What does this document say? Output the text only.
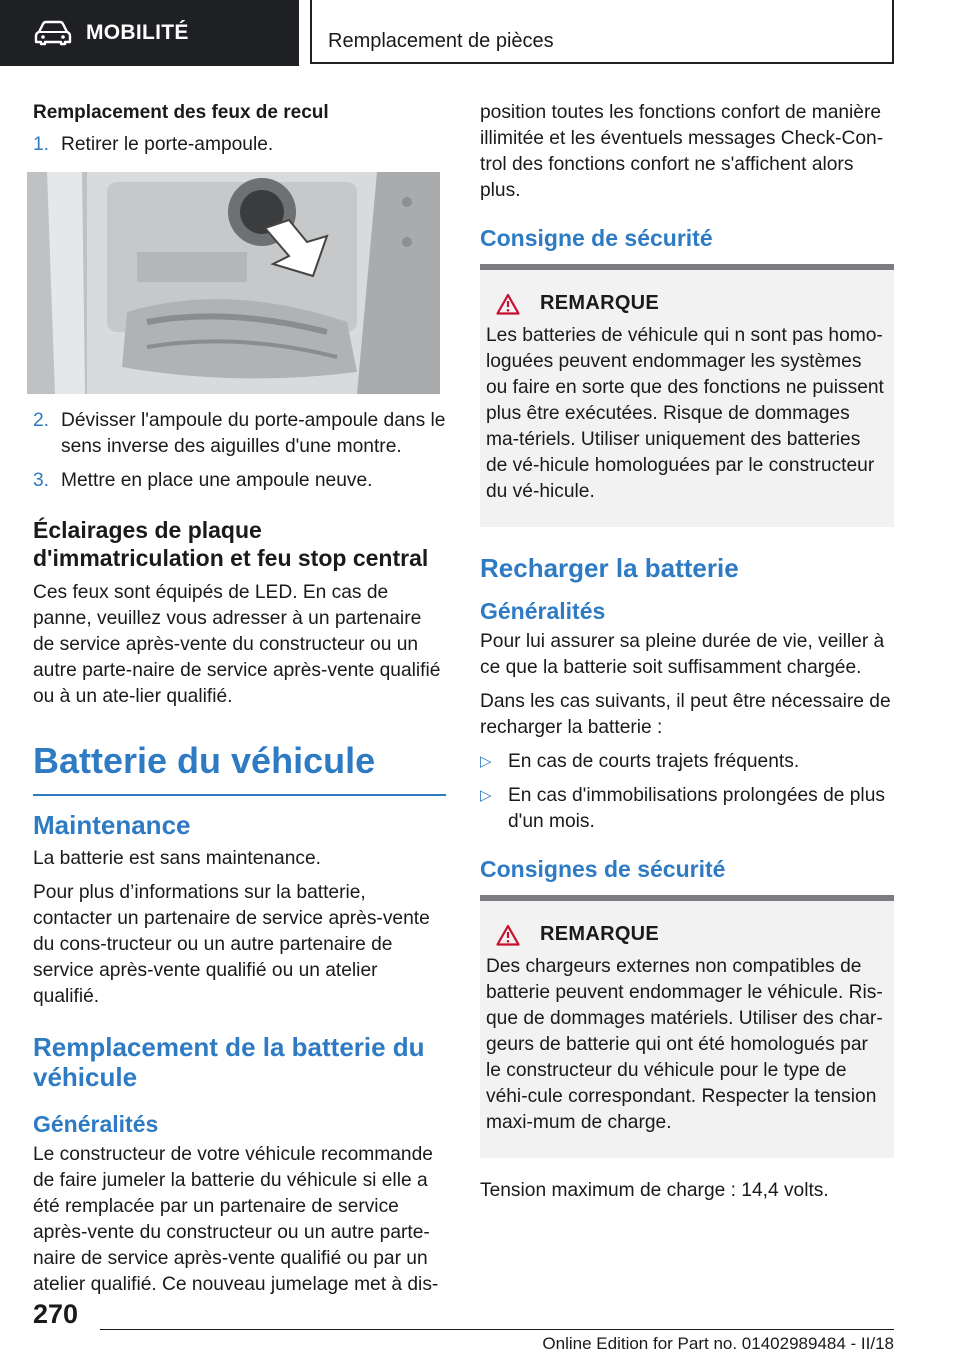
MOBILITÉ	Remplacement de pièces
Remplacement des feux de recul
1. Retirer le porte-ampoule.
2. Dévisser l'ampoule du porte-ampoule dans le sens inverse des aiguilles d'une montre.
3. Mettre en place une ampoule neuve.
Éclairages de plaque d'immatriculation et feu stop central
Ces feux sont équipés de LED. En cas de panne, veuillez vous adresser à un partenaire de service après-vente du constructeur ou un autre parte-naire de service après-vente qualifié ou à un ate-lier qualifié.
Batterie du véhicule
Maintenance
La batterie est sans maintenance.
Pour plus d’informations sur la batterie, contacter un partenaire de service après-vente du cons-tructeur ou un autre partenaire de service après-vente qualifié ou un atelier qualifié.
Remplacement de la batterie du véhicule
Généralités
Le constructeur de votre véhicule recommande de faire jumeler la batterie du véhicule si elle a été remplacée par un partenaire de service après-vente du constructeur ou un autre parte-naire de service après-vente qualifié ou par un atelier qualifié. Ce nouveau jumelage met à dis-
position toutes les fonctions confort de manière illimitée et les éventuels messages Check-Con-trol des fonctions confort ne s'affichent alors plus.
Consigne de sécurité
REMARQUE
Les batteries de véhicule qui n sont pas homo-loguées peuvent endommager les systèmes ou faire en sorte que des fonctions ne puissent plus être exécutées. Risque de dommages ma-tériels. Utiliser uniquement des batteries de vé-hicule homologuées par le constructeur du vé-hicule.
Recharger la batterie
Généralités
Pour lui assurer sa pleine durée de vie, veiller à ce que la batterie soit suffisamment chargée.
Dans les cas suivants, il peut être nécessaire de recharger la batterie :
▷ En cas de courts trajets fréquents.
▷ En cas d'immobilisations prolongées de plus d'un mois.
Consignes de sécurité
REMARQUE
Des chargeurs externes non compatibles de batterie peuvent endommager le véhicule. Ris-que de dommages matériels. Utiliser des char-geurs de batterie qui ont été homologués par le constructeur du véhicule pour le type de véhi-cule correspondant. Respecter la tension maxi-mum de charge.
Tension maximum de charge : 14,4 volts.
270
Online Edition for Part no. 01402989484 - II/18
